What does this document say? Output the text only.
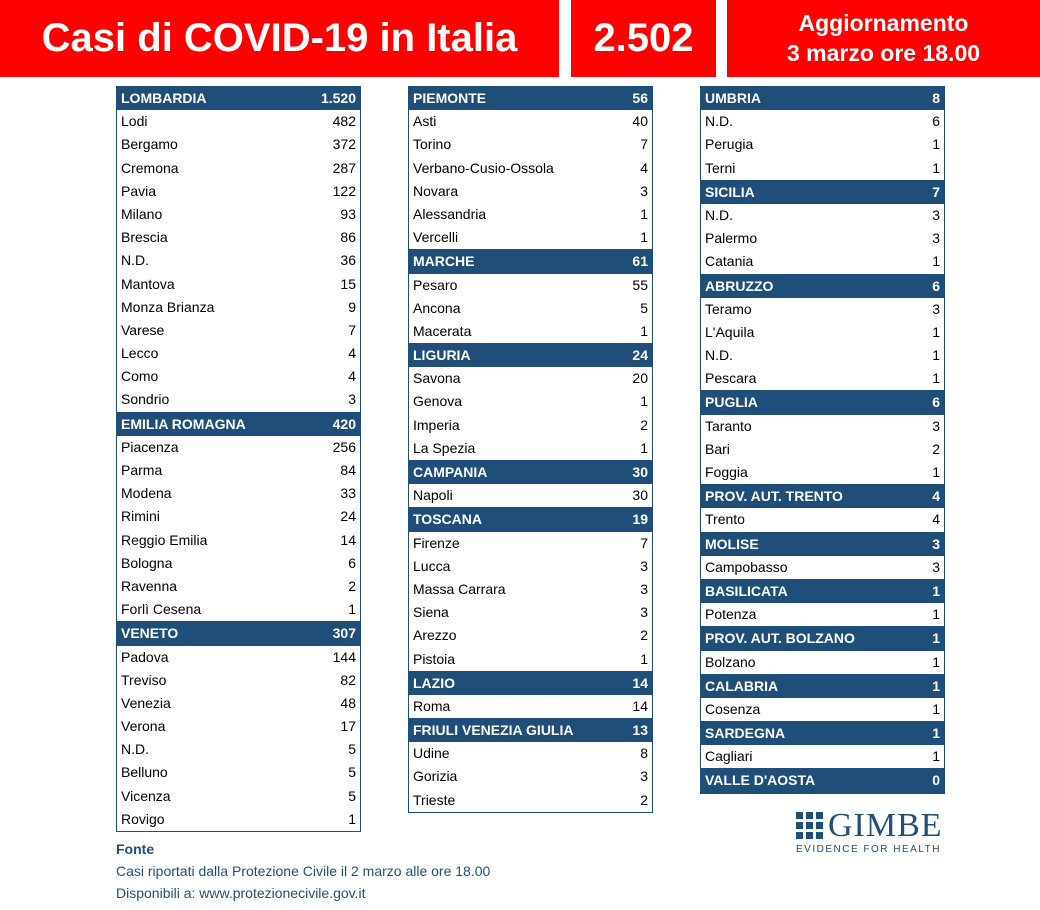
Casi di COVID-19 in Italia	2.502	Aggiornamento
3 marzo ore 18.00
LOMBARDIA	1.520
Lodi	482
Bergamo	372
Cremona	287
Pavia	122
Milano	93
Brescia	86
N.D.	36
Mantova	15
Monza Brianza	9
Varese	7
Lecco	4
Como	4
Sondrio	3
EMILIA ROMAGNA	420
Piacenza	256
Parma	84
Modena	33
Rimini	24
Reggio Emilia	14
Bologna	6
Ravenna	2
Forlì Cesena	1
VENETO	307
Padova	144
Treviso	82
Venezia	48
Verona	17
N.D.	5
Belluno	5
Vicenza	5
Rovigo	1
PIEMONTE	56
Asti	40
Torino	7
Verbano-Cusio-Ossola	4
Novara	3
Alessandria	1
Vercelli	1
MARCHE	61
Pesaro	55
Ancona	5
Macerata	1
LIGURIA	24
Savona	20
Genova	1
Imperia	2
La Spezia	1
CAMPANIA	30
Napoli	30
TOSCANA	19
Firenze	7
Lucca	3
Massa Carrara	3
Siena	3
Arezzo	2
Pistoia	1
LAZIO	14
Roma	14
FRIULI VENEZIA GIULIA	13
Udine	8
Gorizia	3
Trieste	2
UMBRIA	8
N.D.	6
Perugia	1
Terni	1
SICILIA	7
N.D.	3
Palermo	3
Catania	1
ABRUZZO	6
Teramo	3
L'Aquila	1
N.D.	1
Pescara	1
PUGLIA	6
Taranto	3
Bari	2
Foggia	1
PROV. AUT. TRENTO	4
Trento	4
MOLISE	3
Campobasso	3
BASILICATA	1
Potenza	1
PROV. AUT. BOLZANO	1
Bolzano	1
CALABRIA	1
Cosenza	1
SARDEGNA	1
Cagliari	1
VALLE D'AOSTA	0
Fonte
Casi riportati dalla Protezione Civile il 2 marzo alle ore 18.00
Disponibili a: www.protezionecivile.gov.it
GIMBE
EVIDENCE FOR HEALTH
